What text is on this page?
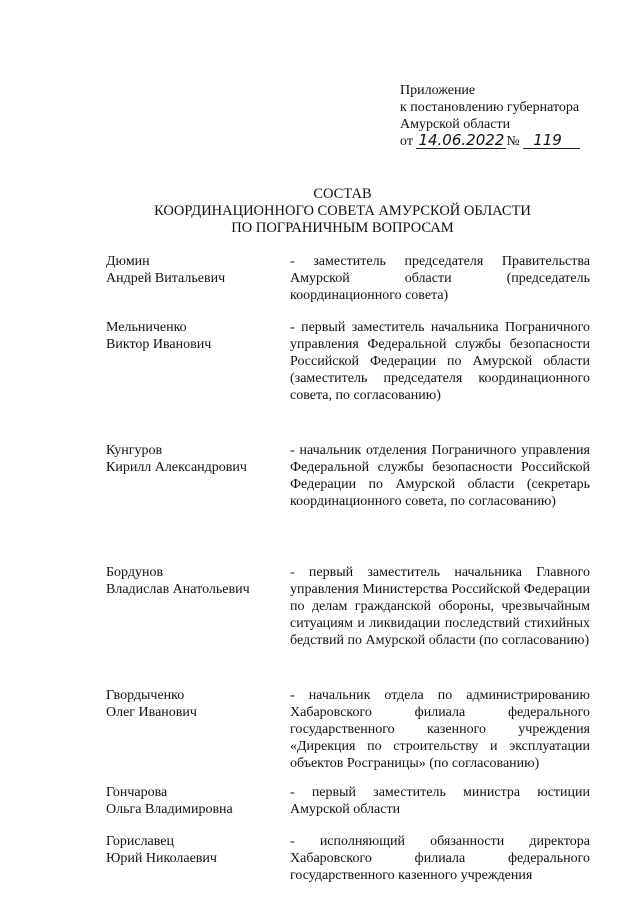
Приложение
к постановлению губернатора
Амурской области
от 14.06.2022 № 119
СОСТАВ
КООРДИНАЦИОННОГО СОВЕТА АМУРСКОЙ ОБЛАСТИ
ПО ПОГРАНИЧНЫМ ВОПРОСАМ
Дюмин
Андрей Витальевич
- заместитель председателя Правительства Амурской области (председатель координационного совета)
Мельниченко
Виктор Иванович
- первый заместитель начальника Пограничного управления Федеральной службы безопасности Российской Федерации по Амурской области (заместитель председателя координационного совета, по согласованию)
Кунгуров
Кирилл Александрович
- начальник отделения Пограничного управления Федеральной службы безопасности Российской Федерации по Амурской области (секретарь координационного совета, по согласованию)
Бордунов
Владислав Анатольевич
- первый заместитель начальника Главного управления Министерства Российской Федерации по делам гражданской обороны, чрезвычайным ситуациям и ликвидации последствий стихийных бедствий по Амурской области (по согласованию)
Гвордыченко
Олег Иванович
- начальник отдела по администрированию Хабаровского филиала федерального государственного казенного учреждения «Дирекция по строительству и эксплуатации объектов Росграницы» (по согласованию)
Гончарова
Ольга Владимировна
- первый заместитель министра юстиции Амурской области
Гориславец
Юрий Николаевич
- исполняющий обязанности директора Хабаровского филиала федерального государственного казенного учреждения
